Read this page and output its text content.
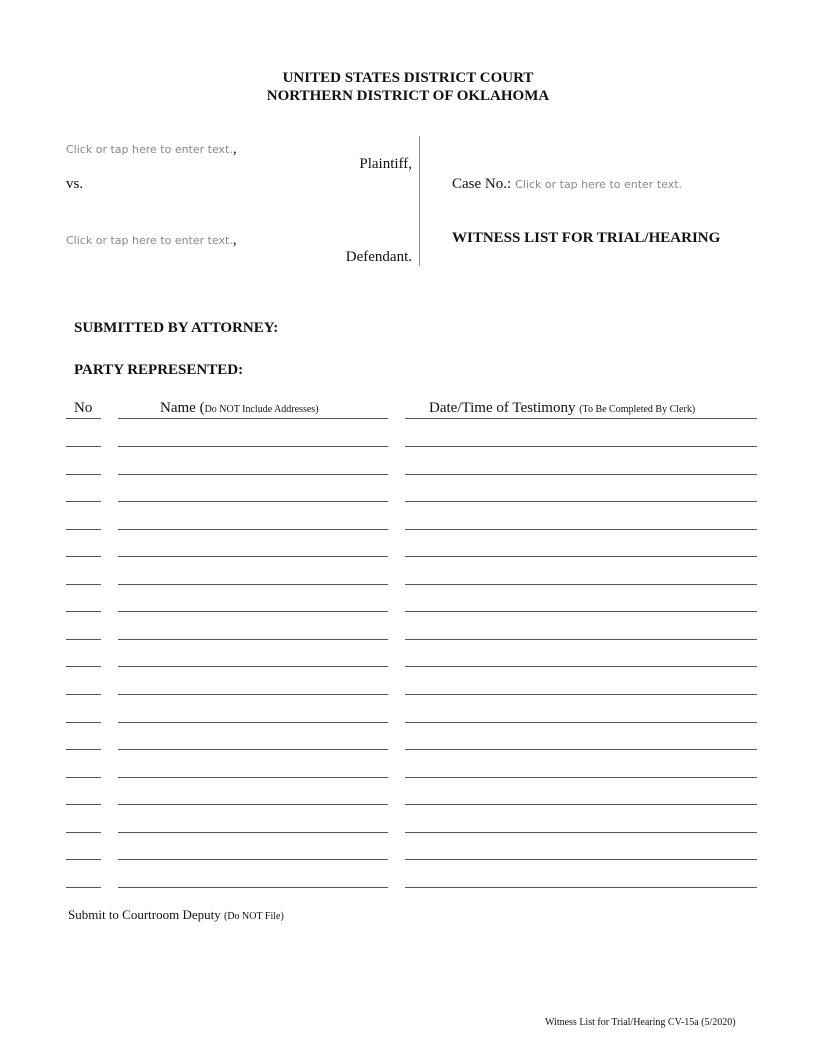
UNITED STATES DISTRICT COURT
NORTHERN DISTRICT OF OKLAHOMA
Click or tap here to enter text.,
Plaintiff,
vs.
Click or tap here to enter text.,
Defendant.
Case No.: Click or tap here to enter text.
WITNESS LIST FOR TRIAL/HEARING
SUBMITTED BY ATTORNEY:
PARTY REPRESENTED:
No	Name (Do NOT Include Addresses)	Date/Time of Testimony (To Be Completed By Clerk)
Submit to Courtroom Deputy (Do NOT File)
Witness List for Trial/Hearing CV-15a (5/2020)
